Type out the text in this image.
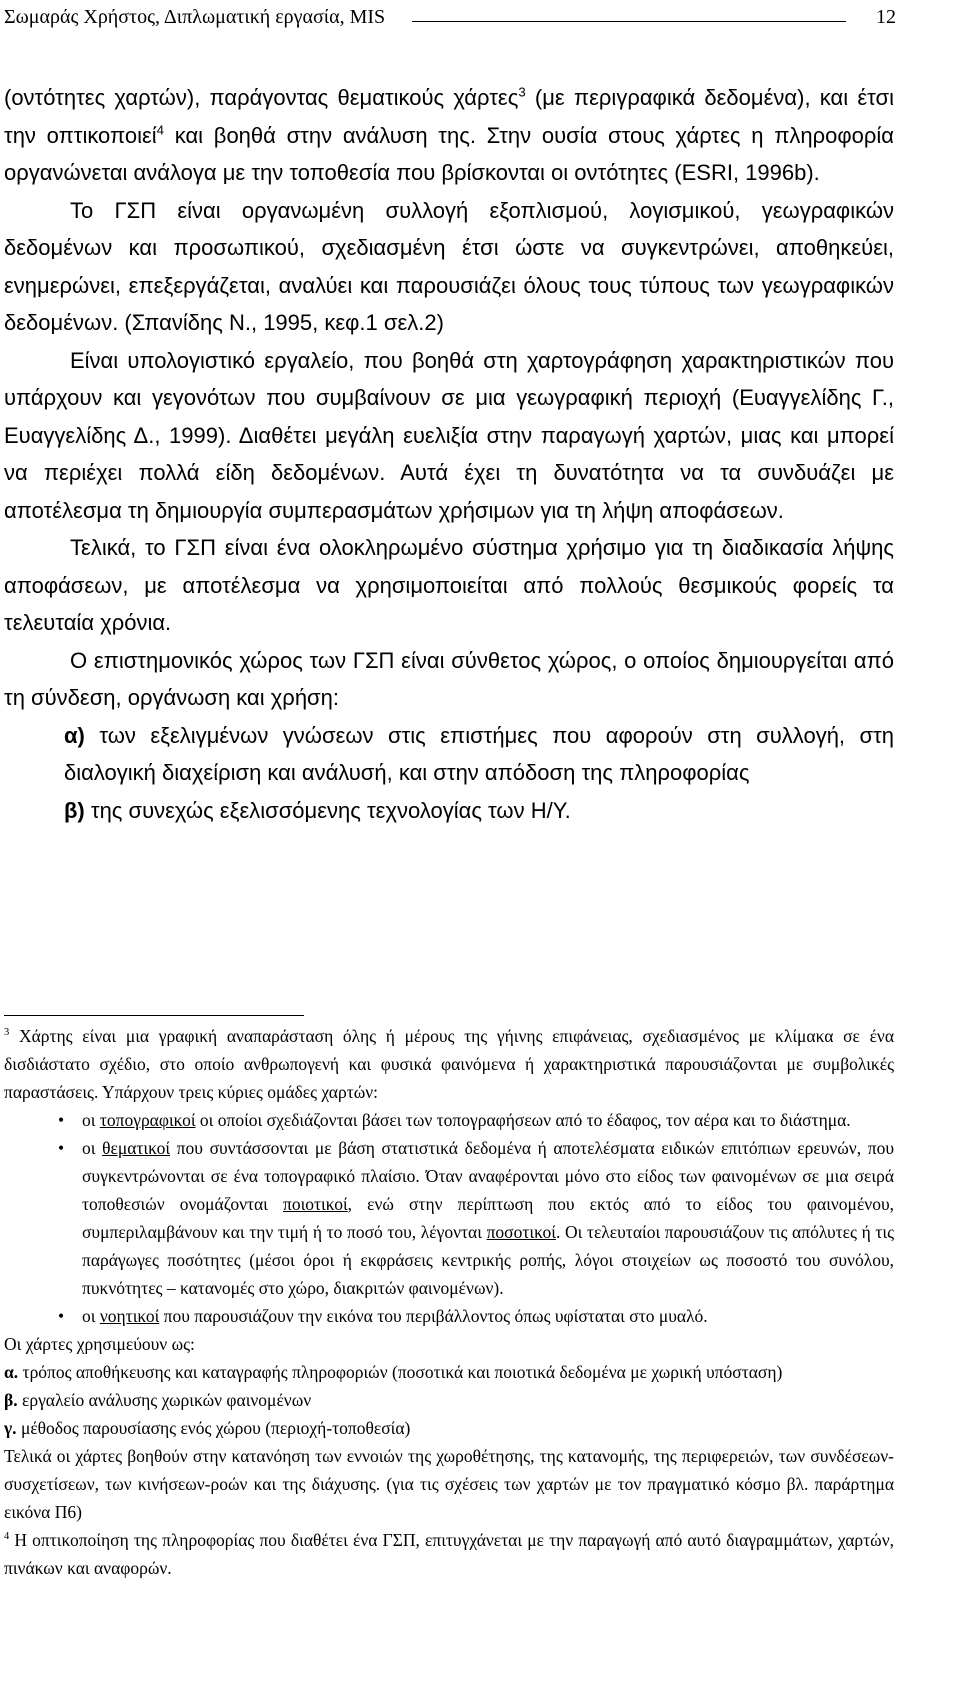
Σωμαράς Χρήστος, Διπλωματική εργασία, MIS	12

(οντότητες χαρτών), παράγοντας θεματικούς χάρτες$^3$ (με περιγραφικά δεδομένα), και έτσι την οπτικοποιεί$^4$ και βοηθά στην ανάλυση της. Στην ουσία στους χάρτες η πληροφορία οργανώνεται ανάλογα με την τοποθεσία που βρίσκονται οι οντότητες (ESRI, 1996b).

Το ΓΣΠ είναι οργανωμένη συλλογή εξοπλισμού, λογισμικού, γεωγραφικών δεδομένων και προσωπικού, σχεδιασμένη έτσι ώστε να συγκεντρώνει, αποθηκεύει, ενημερώνει, επεξεργάζεται, αναλύει και παρουσιάζει όλους τους τύπους των γεωγραφικών δεδομένων. (Σπανίδης Ν., 1995, κεφ.1 σελ.2)

Είναι υπολογιστικό εργαλείο, που βοηθά στη χαρτογράφηση χαρακτηριστικών που υπάρχουν και γεγονότων που συμβαίνουν σε μια γεωγραφική περιοχή (Ευαγγελίδης Γ., Ευαγγελίδης Δ., 1999). Διαθέτει μεγάλη ευελιξία στην παραγωγή χαρτών, μιας και μπορεί να περιέχει πολλά είδη δεδομένων. Αυτά έχει τη δυνατότητα να τα συνδυάζει με αποτέλεσμα τη δημιουργία συμπερασμάτων χρήσιμων για τη λήψη αποφάσεων.

Τελικά, το ΓΣΠ είναι ένα ολοκληρωμένο σύστημα χρήσιμο για τη διαδικασία λήψης αποφάσεων, με αποτέλεσμα να χρησιμοποιείται από πολλούς θεσμικούς φορείς τα τελευταία χρόνια.

Ο επιστημονικός χώρος των ΓΣΠ είναι σύνθετος χώρος, ο οποίος δημιουργείται από τη σύνδεση, οργάνωση και χρήση:

α) των εξελιγμένων γνώσεων στις επιστήμες που αφορούν στη συλλογή, στη διαλογική διαχείριση και ανάλυσή, και στην απόδοση της πληροφορίας

β) της συνεχώς εξελισσόμενης τεχνολογίας των Η/Υ.

$^3$ Χάρτης είναι μια γραφική αναπαράσταση όλης ή μέρους της γήινης επιφάνειας, σχεδιασμένος με κλίμακα σε ένα δισδιάστατο σχέδιο, στο οποίο ανθρωπογενή και φυσικά φαινόμενα ή χαρακτηριστικά παρουσιάζονται με συμβολικές παραστάσεις. Υπάρχουν τρεις κύριες ομάδες χαρτών:

• οι τοπογραφικοί οι οποίοι σχεδιάζονται βάσει των τοπογραφήσεων από το έδαφος, τον αέρα και το διάστημα.
• οι θεματικοί που συντάσσονται με βάση στατιστικά δεδομένα ή αποτελέσματα ειδικών επιτόπιων ερευνών, που συγκεντρώνονται σε ένα τοπογραφικό πλαίσιο. Όταν αναφέρονται μόνο στο είδος των φαινομένων σε μια σειρά τοποθεσιών ονομάζονται ποιοτικοί, ενώ στην περίπτωση που εκτός από το είδος του φαινομένου, συμπεριλαμβάνουν και την τιμή ή το ποσό του, λέγονται ποσοτικοί. Οι τελευταίοι παρουσιάζουν τις απόλυτες ή τις παράγωγες ποσότητες (μέσοι όροι ή εκφράσεις κεντρικής ροπής, λόγοι στοιχείων ως ποσοστό του συνόλου, πυκνότητες – κατανομές στο χώρο, διακριτών φαινομένων).
• οι νοητικοί που παρουσιάζουν την εικόνα του περιβάλλοντος όπως υφίσταται στο μυαλό.

Οι χάρτες χρησιμεύουν ως:

α. τρόπος αποθήκευσης και καταγραφής πληροφοριών (ποσοτικά και ποιοτικά δεδομένα με χωρική υπόσταση)

β. εργαλείο ανάλυσης χωρικών φαινομένων

γ. μέθοδος παρουσίασης ενός χώρου (περιοχή-τοποθεσία)

Τελικά οι χάρτες βοηθούν στην κατανόηση των εννοιών της χωροθέτησης, της κατανομής, της περιφερειών, των συνδέσεων-συσχετίσεων, των κινήσεων-ροών και της διάχυσης. (για τις σχέσεις των χαρτών με τον πραγματικό κόσμο βλ. παράρτημα εικόνα Π6)

$^4$ Η οπτικοποίηση της πληροφορίας που διαθέτει ένα ΓΣΠ, επιτυγχάνεται με την παραγωγή από αυτό διαγραμμάτων, χαρτών, πινάκων και αναφορών.
